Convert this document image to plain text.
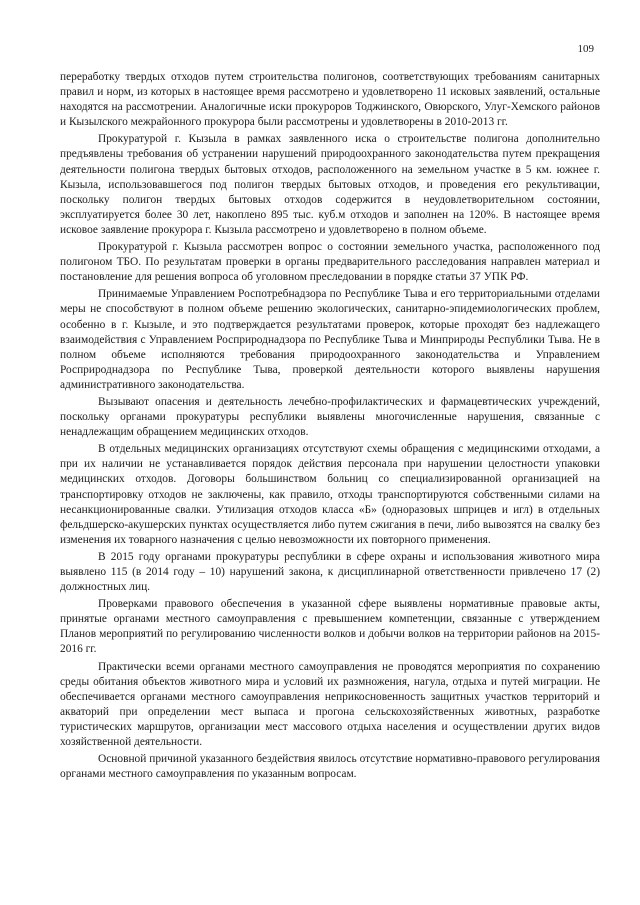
109

переработку твердых отходов путем строительства полигонов, соответствующих требованиям санитарных правил и норм, из которых в настоящее время рассмотрено и удовлетворено 11 исковых заявлений, остальные находятся на рассмотрении. Аналогичные иски прокуроров Тоджинского, Овюрского, Улуг-Хемского районов и Кызылского межрайонного прокурора были рассмотрены и удовлетворены в 2010-2013 гг.

Прокуратурой г. Кызыла в рамках заявленного иска о строительстве полигона дополнительно предъявлены требования об устранении нарушений природоохранного законодательства путем прекращения деятельности полигона твердых бытовых отходов, расположенного на земельном участке в 5 км. южнее г. Кызыла, использовавшегося под полигон твердых бытовых отходов, и проведения его рекультивации, поскольку полигон твердых бытовых отходов содержится в неудовлетворительном состоянии, эксплуатируется более 30 лет, накоплено 895 тыс. куб.м отходов и заполнен на 120%. В настоящее время исковое заявление прокурора г. Кызыла рассмотрено и удовлетворено в полном объеме.

Прокуратурой г. Кызыла рассмотрен вопрос о состоянии земельного участка, расположенного под полигоном ТБО. По результатам проверки в органы предварительного расследования направлен материал и постановление для решения вопроса об уголовном преследовании в порядке статьи 37 УПК РФ.

Принимаемые Управлением Роспотребнадзора по Республике Тыва и его территориальными отделами меры не способствуют в полном объеме решению экологических, санитарно-эпидемиологических проблем, особенно в г. Кызыле, и это подтверждается результатами проверок, которые проходят без надлежащего взаимодействия с Управлением Росприроднадзора по Республике Тыва и Минприроды Республики Тыва. Не в полном объеме исполняются требования природоохранного законодательства и Управлением Росприроднадзора по Республике Тыва, проверкой деятельности которого выявлены нарушения административного законодательства.

Вызывают опасения и деятельность лечебно-профилактических и фармацевтических учреждений, поскольку органами прокуратуры республики выявлены многочисленные нарушения, связанные с ненадлежащим обращением медицинских отходов.

В отдельных медицинских организациях отсутствуют схемы обращения с медицинскими отходами, а при их наличии не устанавливается порядок действия персонала при нарушении целостности упаковки медицинских отходов. Договоры большинством больниц со специализированной организацией на транспортировку отходов не заключены, как правило, отходы транспортируются собственными силами на несанкционированные свалки. Утилизация отходов класса «Б» (одноразовых шприцев и игл) в отдельных фельдшерско-акушерских пунктах осуществляется либо путем сжигания в печи, либо вывозятся на свалку без изменения их товарного назначения с целью невозможности их повторного применения.

В 2015 году органами прокуратуры республики в сфере охраны и использования животного мира выявлено 115 (в 2014 году – 10) нарушений закона, к дисциплинарной ответственности привлечено 17 (2) должностных лиц.

Проверками правового обеспечения в указанной сфере выявлены нормативные правовые акты, принятые органами местного самоуправления с превышением компетенции, связанные с утверждением Планов мероприятий по регулированию численности волков и добычи волков на территории районов на 2015-2016 гг.

Практически всеми органами местного самоуправления не проводятся мероприятия по сохранению среды обитания объектов животного мира и условий их размножения, нагула, отдыха и путей миграции. Не обеспечивается органами местного самоуправления неприкосновенность защитных участков территорий и акваторий при определении мест выпаса и прогона сельскохозяйственных животных, разработке туристических маршрутов, организации мест массового отдыха населения и осуществлении других видов хозяйственной деятельности.

Основной причиной указанного бездействия явилось отсутствие нормативно-правового регулирования органами местного самоуправления по указанным вопросам.
